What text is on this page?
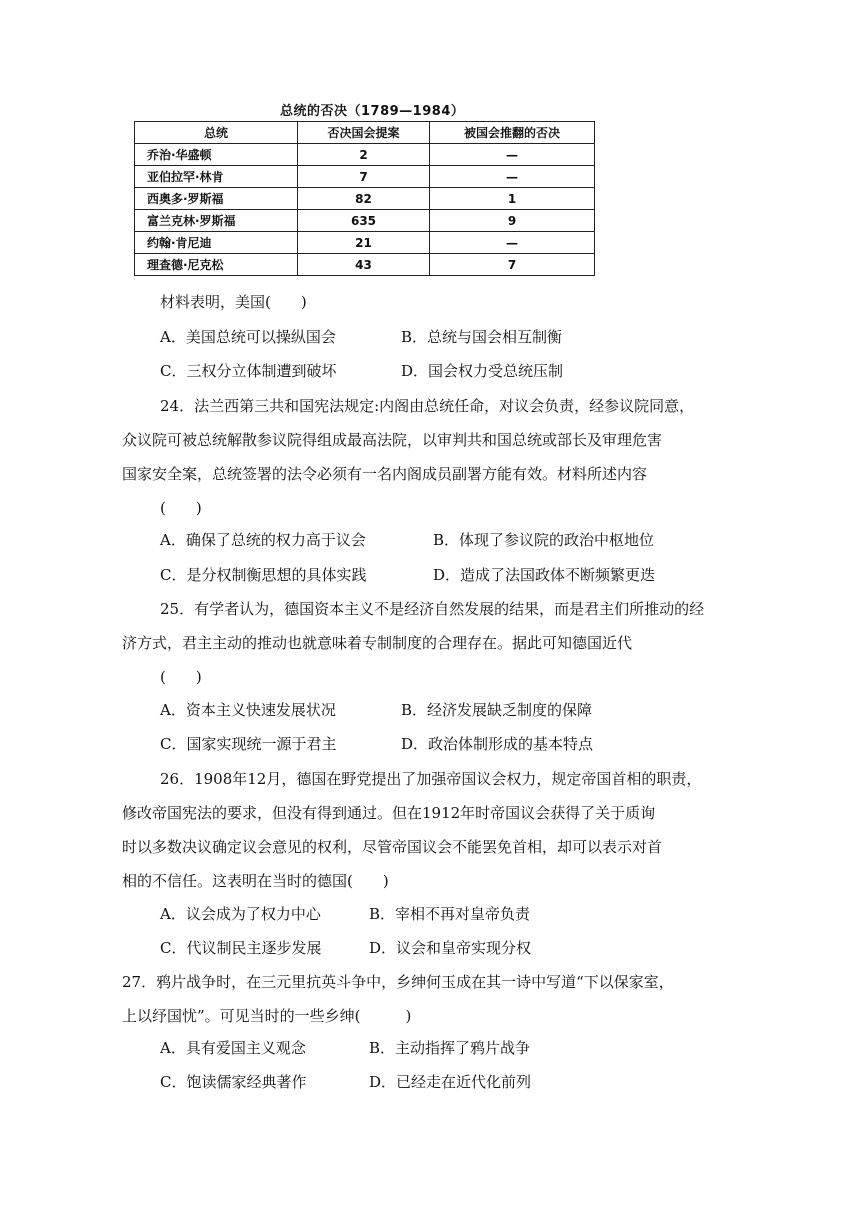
总统的否决（1789—1984）
总统	否决国会提案	被国会推翻的否决
乔治·华盛顿	2	—
亚伯拉罕·林肯	7	—
西奥多·罗斯福	82	1
富兰克林·罗斯福	635	9
约翰·肯尼迪	21	—
理查德·尼克松	43	7
材料表明，美国(　　)
A．美国总统可以操纵国会	B．总统与国会相互制衡
C．三权分立体制遭到破坏	D．国会权力受总统压制
24．法兰西第三共和国宪法规定:内阁由总统任命，对议会负责，经参议院同意，
众议院可被总统解散参议院得组成最高法院，以审判共和国总统或部长及审理危害
国家安全案，总统签署的法令必须有一名内阁成员副署方能有效。材料所述内容
(　　)
A．确保了总统的权力高于议会	B．体现了参议院的政治中枢地位
C．是分权制衡思想的具体实践	D．造成了法国政体不断频繁更迭
25．有学者认为，德国资本主义不是经济自然发展的结果，而是君主们所推动的经
济方式，君主主动的推动也就意味着专制制度的合理存在。据此可知德国近代
(　　)
A．资本主义快速发展状况	B．经济发展缺乏制度的保障
C．国家实现统一源于君主	D．政治体制形成的基本特点
26．1908年12月，德国在野党提出了加强帝国议会权力，规定帝国首相的职责，
修改帝国宪法的要求，但没有得到通过。但在1912年时帝国议会获得了关于质询
时以多数决议确定议会意见的权利，尽管帝国议会不能罢免首相，却可以表示对首
相的不信任。这表明在当时的德国(　　)
A．议会成为了权力中心	B．宰相不再对皇帝负责
C．代议制民主逐步发展	D．议会和皇帝实现分权
27．鸦片战争时，在三元里抗英斗争中，乡绅何玉成在其一诗中写道“下以保家室，
上以纾国忧”。可见当时的一些乡绅(　　　)
A．具有爱国主义观念	B．主动指挥了鸦片战争
C．饱读儒家经典著作	D．已经走在近代化前列
